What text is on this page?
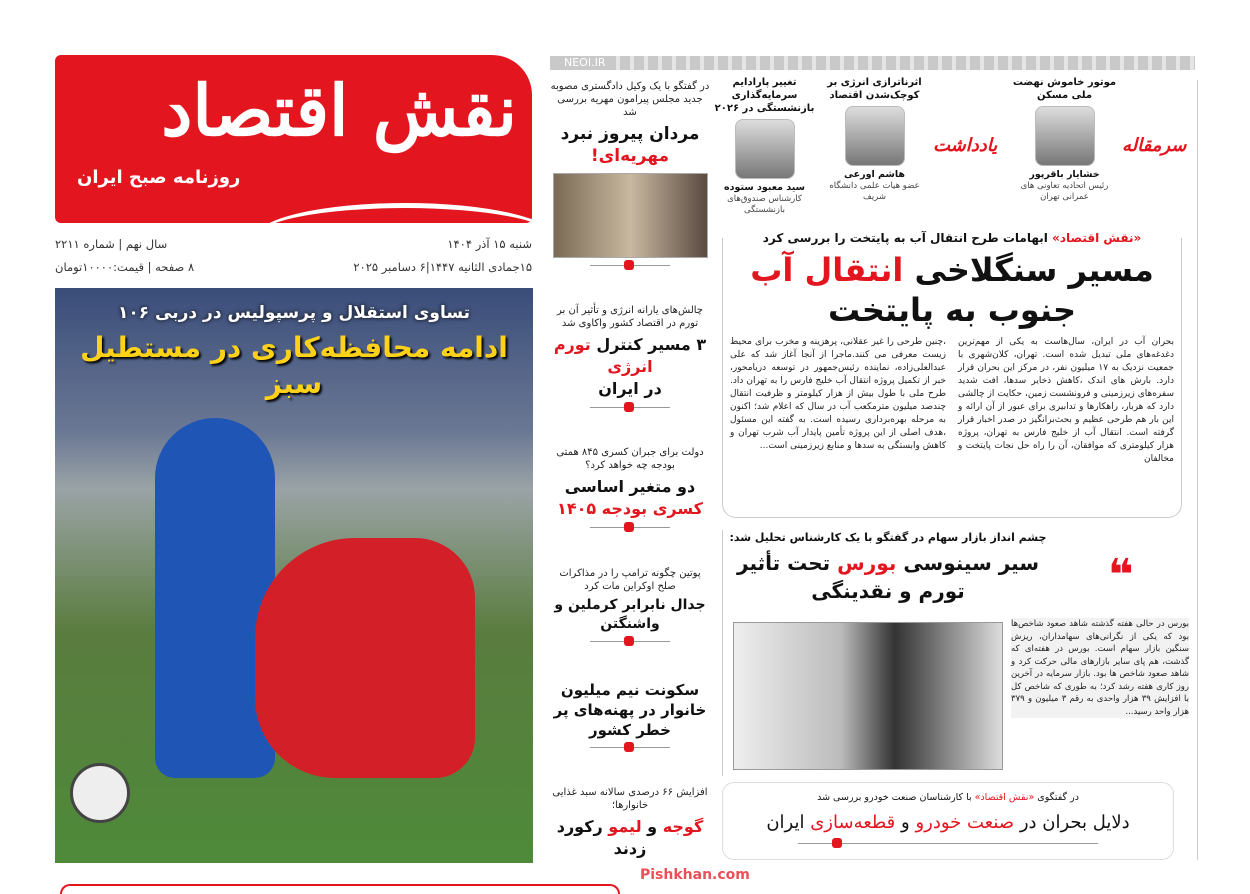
نقش اقتصاد
روزنامه صبح ایران
شنبه ۱۵ آذر ۱۴۰۴
سال نهم | شماره ۲۲۱۱
۱۵جمادی الثانیه ۱۴۴۷|۶ دسامبر ۲۰۲۵
۸ صفحه | قیمت:۱۰۰۰۰تومان
تساوی استقلال و پرسپولیس در دربی ۱۰۶
ادامه محافظه‌کاری در مستطیل سبز
NEOI.IR
در گفتگو با یک وکیل دادگستری مصوبه جدید مجلس پیرامون مهریه بررسی شد
مردان پیروز نبرد
مهریه‌ای!
چالش‌های یارانه انرژی و تأثیر آن بر تورم در اقتصاد کشور واکاوی شد
۳ مسیر کنترل تورم انرژی
در ایران
دولت برای جبران کسری ۸۴۵ همتی بودجه چه خواهد کرد؟
دو متغیر اساسی
کسری بودجه ۱۴۰۵
پوتین چگونه ترامپ را در مذاکرات صلح اوکراین مات کرد
جدال نابرابر کرملین و واشنگتن
سکونت نیم میلیون خانوار در پهنه‌های پر خطر کشور
افزایش ۶۶ درصدی سالانه سبد غذایی خانوارها؛
گوجه و لیمو رکورد زدند
Pishkhan.com
سرمقاله
یادداشت
موتور خاموش نهضت ملی مسکن
خشایار باقرپور
رئیس اتحادیه تعاونی های عمرانی تهران
اثرناترازی انرژی بر کوچک‌شدن اقتصاد
هاشم اورعی
عضو هیات علمی دانشگاه شریف
تغییر پارادایم سرمایه‌گذاری بازنشستگی در ۲۰۲۶
سید معبود ستوده
کارشناس صندوق‌های بازنشستگی
«نقش اقتصاد» ابهامات طرح انتقال آب به پایتخت را بررسی کرد
مسیر سنگلاخی انتقال آب
جنوب به پایتخت
بحران آب در ایران، سال‌هاست به یکی از مهم‌ترین دغدغه‌های ملی تبدیل شده است. تهران، کلان‌شهری با جمعیت نزدیک به ۱۷ میلیون نفر، در مرکز این بحران قرار دارد. بارش های اندک ،کاهش ذخایر سدها، افت شدید سفره‌های زیرزمینی و فرونشست زمین، حکایت از چالشی دارد که هربار، راهکارها و تدابیری برای عبور از آن ارائه و این بار هم طرحی عظیم و بحث‌برانگیز در صدر اخبار قرار گرفته است. انتقال آب از خلیج فارس به تهران، پروژه هزار کیلومتری که موافقان، آن را راه حل نجات پایتخت و مخالفان
،چنین طرحی را غیر عقلانی، پرهزینه و مخرب برای محیط زیست معرفی می کنند.ماجرا از آنجا آغاز شد که علی عبدالعلی‌زاده، نماینده رئیس‌جمهور در توسعه دریامحور، خبر از تکمیل پروژه انتقال آب خلیج فارس را به تهران داد. طرح ملی با طول بیش از هزار کیلومتر و ظرفیت انتقال چندصد میلیون مترمکعب آب در سال که اعلام شد؛ اکنون به مرحله بهره‌برداری رسیده است. به گفته این مسئول ،هدف اصلی از این پروژه تأمین پایدار آب شرب تهران و کاهش وابستگی به سدها و منابع زیرزمینی است...
چشم انداز بازار سهام در گفتگو با یک کارشناس تحلیل شد:
سیر سینوسی بورس تحت تأثیر
تورم و نقدینگی	❝
بورس در حالی هفته گذشته شاهد صعود شاخص‌ها بود که یکی از نگرانی‌های سهامداران، ریزش سنگین بازار سهام است. بورس در هفته‌ای که گذشت، هم پای سایر بازارهای مالی حرکت کرد و شاهد صعود شاخص ها بود. بازار سرمایه در آخرین روز کاری هفته رشد کرد؛ به طوری که شاخص کل با افزایش ۳۹ هزار واحدی به رقم ۳ میلیون و ۳۷۹ هزار واحد رسید...
در گفتگوی «نقش اقتصاد» با کارشناسان صنعت خودرو بررسی شد
دلایل بحران در صنعت خودرو و قطعه‌سازی ایران
